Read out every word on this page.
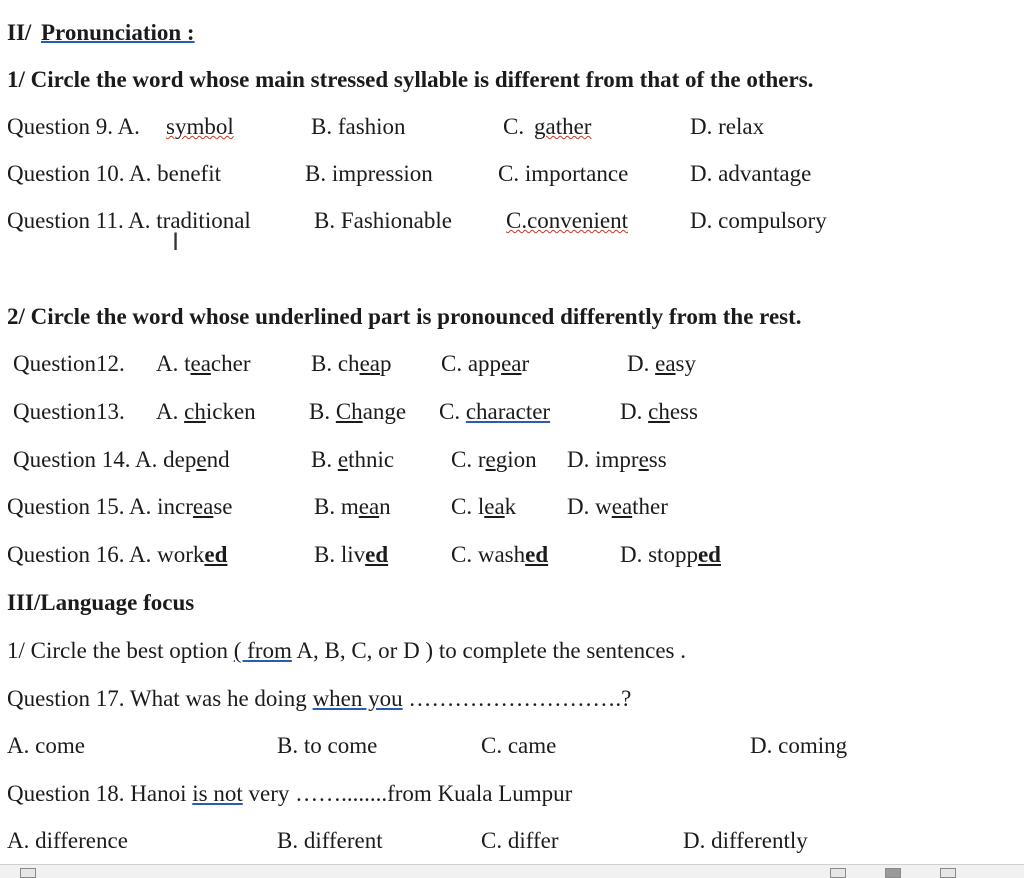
II/ Pronunciation :
1/ Circle the word whose main stressed syllable is different from that of the others.
Question 9. A. symbol	B. fashion	C. gather	D. relax
Question 10. A. benefit	B. impression	C. importance	D. advantage
Question 11. A. traditional	B. Fashionable C.convenient	D. compulsory
I
2/ Circle the word whose underlined part is pronounced differently from the rest.
Question12. A. teacher	B. cheap C. appear	D. easy
Question13. A. chicken B. Change C. character	D. chess
Question 14. A. depend	B. ethnic C. region D. impress
Question 15. A. increase	B. mean	C. leak D. weather
Question 16. A. worked	B. lived	C. washed	D. stopped
III/Language focus
1/ Circle the best option ( from A, B, C, or D ) to complete the sentences .
Question 17. What was he doing when you ……………………….?
A. come	B. to come	C. came	D. coming
Question 18. Hanoi is not very ……........from Kuala Lumpur
A. difference	B. different	C. differ	D. differently
